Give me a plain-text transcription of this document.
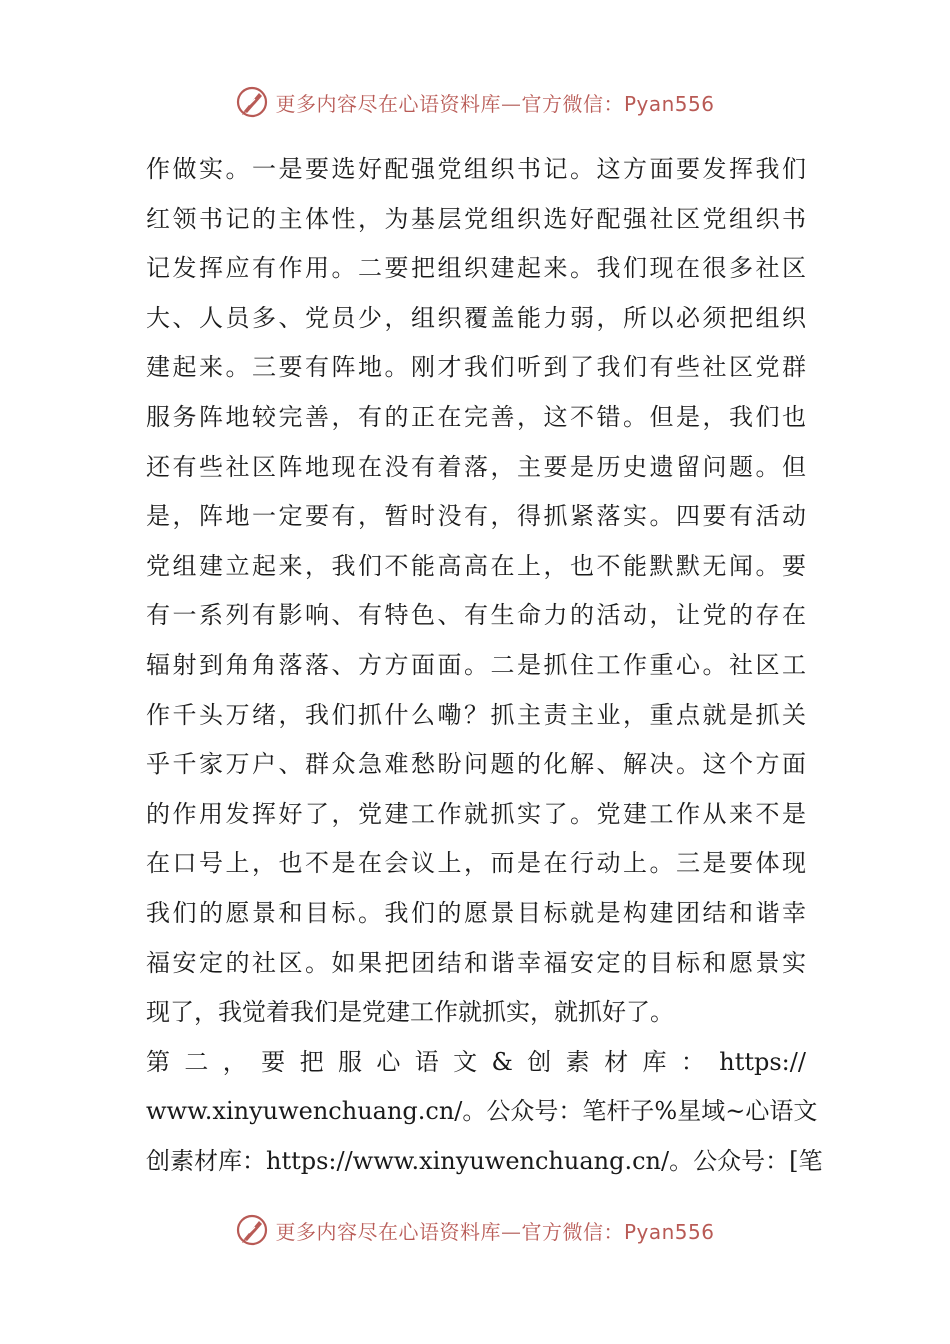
更多内容尽在心语资料库—官方微信：Pyan556
作 做 实 。 一 是 要 选 好 配 强 党 组 织 书 记 。 这 方 面 要 发 挥 我 们
红 领 书 记 的 主 体 性 ， 为 基 层 党 组 织 选 好 配 强 社 区 党 组 织 书
记 发 挥 应 有 作 用 。 二 要 把 组 织 建 起 来 。 我 们 现 在 很 多 社 区
大 、 人 员 多 、 党 员 少 ， 组 织 覆 盖 能 力 弱 ， 所 以 必 须 把 组 织
建 起 来 。 三 要 有 阵 地 。 刚 才 我 们 听 到 了 我 们 有 些 社 区 党 群
服 务 阵 地 较 完 善 ， 有 的 正 在 完 善 ， 这 不 错 。 但 是 ， 我 们 也
还 有 些 社 区 阵 地 现 在 没 有 着 落 ， 主 要 是 历 史 遗 留 问 题 。 但
是 ， 阵 地 一 定 要 有 ， 暂 时 没 有 ， 得 抓 紧 落 实 。 四 要 有 活 动
党 组 建 立 起 来 ， 我 们 不 能 高 高 在 上 ， 也 不 能 默 默 无 闻 。 要
有 一 系 列 有 影 响 、 有 特 色 、 有 生 命 力 的 活 动 ， 让 党 的 存 在
辐 射 到 角 角 落 落 、 方 方 面 面 。 二 是 抓 住 工 作 重 心 。 社 区 工
作 千 头 万 绪 ， 我 们 抓 什 么 嘞 ？ 抓 主 责 主 业 ， 重 点 就 是 抓 关
乎 千 家 万 户 、 群 众 急 难 愁 盼 问 题 的 化 解 、 解 决 。 这 个 方 面
的 作 用 发 挥 好 了 ， 党 建 工 作 就 抓 实 了 。 党 建 工 作 从 来 不 是
在 口 号 上 ， 也 不 是 在 会 议 上 ， 而 是 在 行 动 上 。 三 是 要 体 现
我 们 的 愿 景 和 目 标 。 我 们 的 愿 景 目 标 就 是 构 建 团 结 和 谐 幸
福 安 定 的 社 区 。 如 果 把 团 结 和 谐 幸 福 安 定 的 目 标 和 愿 景 实
现了，我觉着我们是党建工作就抓实，就抓好了。
第 二 ， 要 把 服 心 语 文 & 创 素 材 库 ： https://
www.xinyuwenchuang.cn/ 。 公 众 号 ： 笔 杆 子 % 星 域 ~ 心 语 文
创 素 材 库 ： https://www.xinyuwenchuang.cn/ 。 公 众 号 ： [ 笔
更多内容尽在心语资料库—官方微信：Pyan556
